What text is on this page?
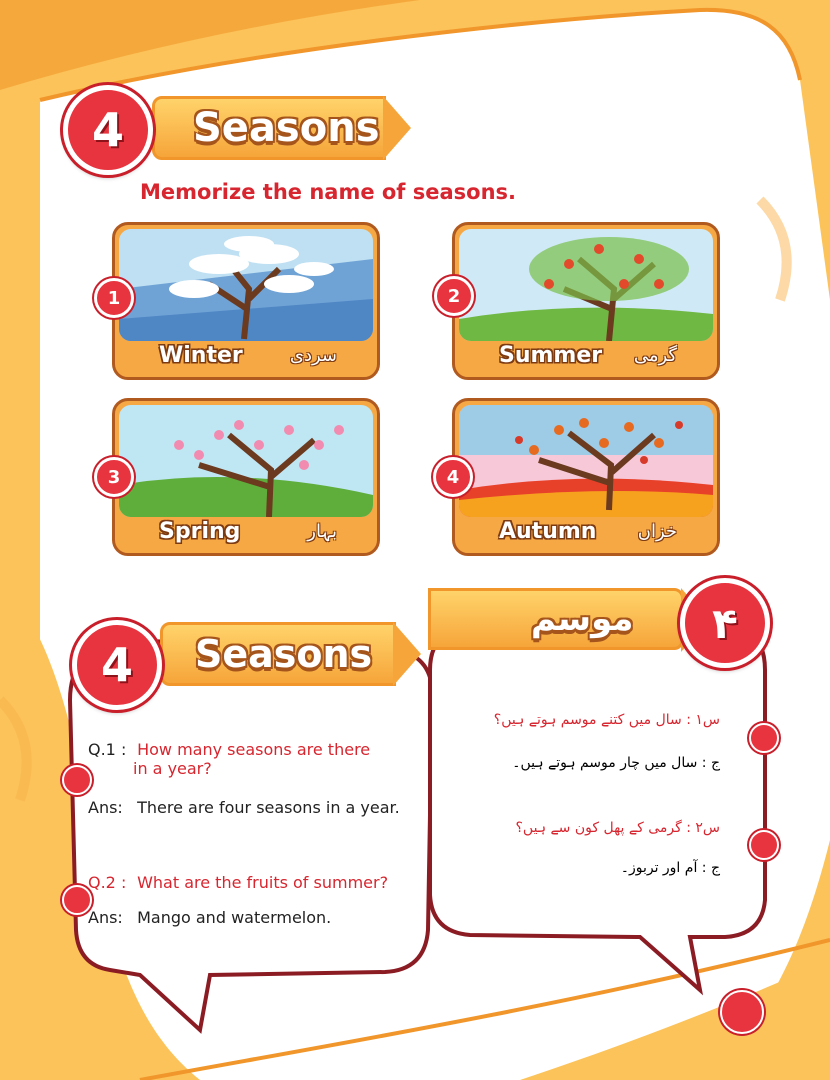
4 Seasons
Memorize the name of seasons.
Winter	سردی
1
Summer گرمی
2
Spring	بہار
3
Autumn خزاں
4
4 Seasons
موسم ۴
Q.1 : How many seasons are there
in a year?
Ans: There are four seasons in a year.
Q.2 : What are the fruits of summer?
Ans: Mango and watermelon.
س۱ : سال میں کتنے موسم ہوتے ہیں؟
ج : سال میں چار موسم ہوتے ہیں۔
س۲ : گرمی کے پھل کون سے ہیں؟
ج : آم اور تربوز۔
